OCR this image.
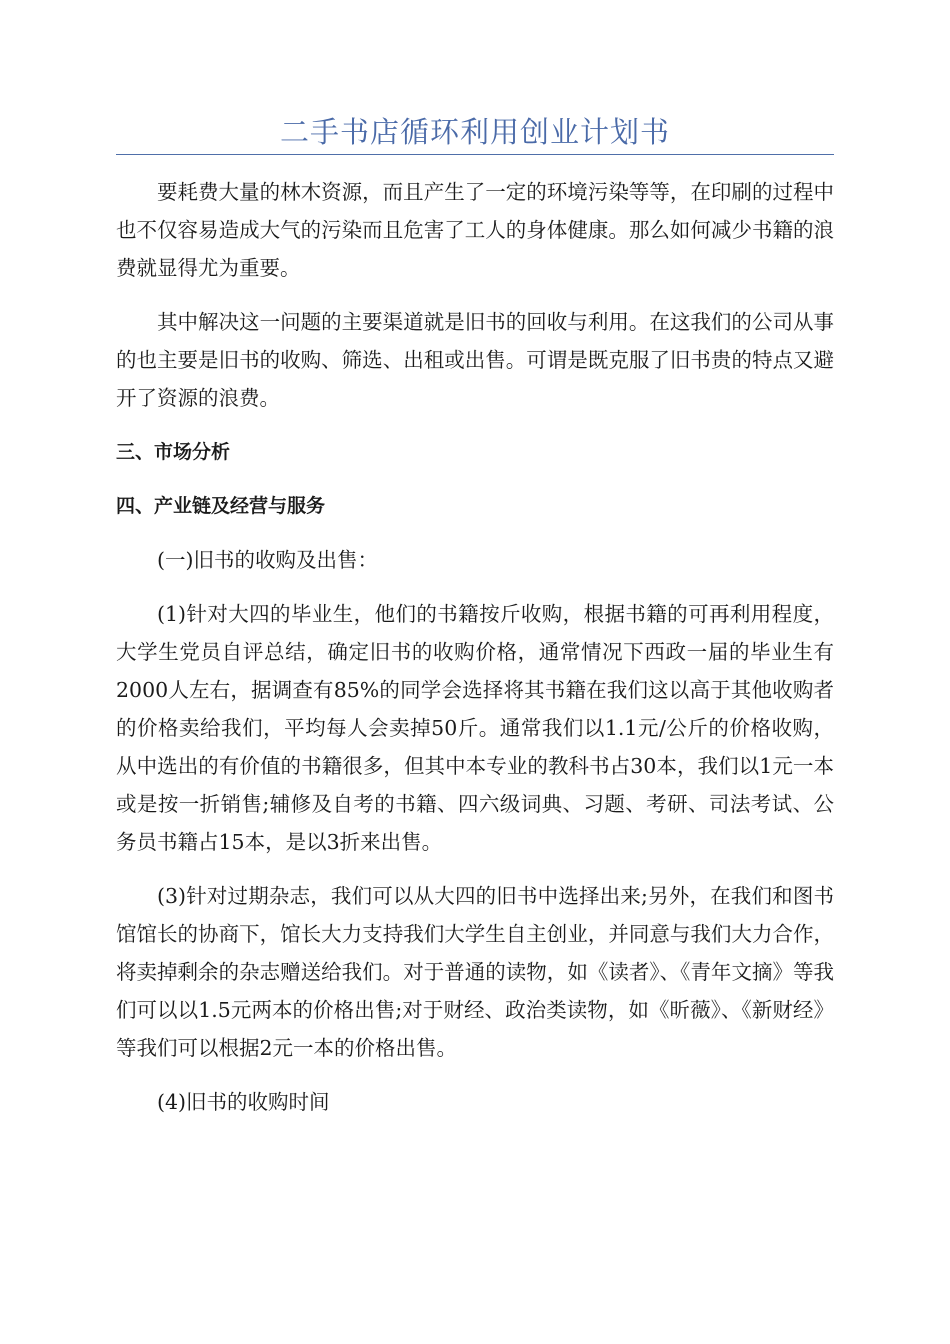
二手书店循环利用创业计划书

要耗费大量的林木资源，而且产生了一定的环境污染等等，在印刷的过程中也不仅容易造成大气的污染而且危害了工人的身体健康。那么如何减少书籍的浪费就显得尤为重要。

其中解决这一问题的主要渠道就是旧书的回收与利用。在这我们的公司从事的也主要是旧书的收购、筛选、出租或出售。可谓是既克服了旧书贵的特点又避开了资源的浪费。

三、市场分析
四、产业链及经营与服务

(一)旧书的收购及出售：

(1)针对大四的毕业生，他们的书籍按斤收购，根据书籍的可再利用程度，大学生党员自评总结，确定旧书的收购价格，通常情况下西政一届的毕业生有2000人左右，据调查有85%的同学会选择将其书籍在我们这以高于其他收购者的价格卖给我们，平均每人会卖掉50斤。通常我们以1.1元/公斤的价格收购，从中选出的有价值的书籍很多，但其中本专业的教科书占30本，我们以1元一本或是按一折销售;辅修及自考的书籍、四六级词典、习题、考研、司法考试、公务员书籍占15本，是以3折来出售。

(3)针对过期杂志，我们可以从大四的旧书中选择出来;另外，在我们和图书馆馆长的协商下，馆长大力支持我们大学生自主创业，并同意与我们大力合作，将卖掉剩余的杂志赠送给我们。对于普通的读物，如《读者》、《青年文摘》等我们可以以1.5元两本的价格出售;对于财经、政治类读物，如《昕薇》、《新财经》等我们可以根据2元一本的价格出售。

(4)旧书的收购时间
